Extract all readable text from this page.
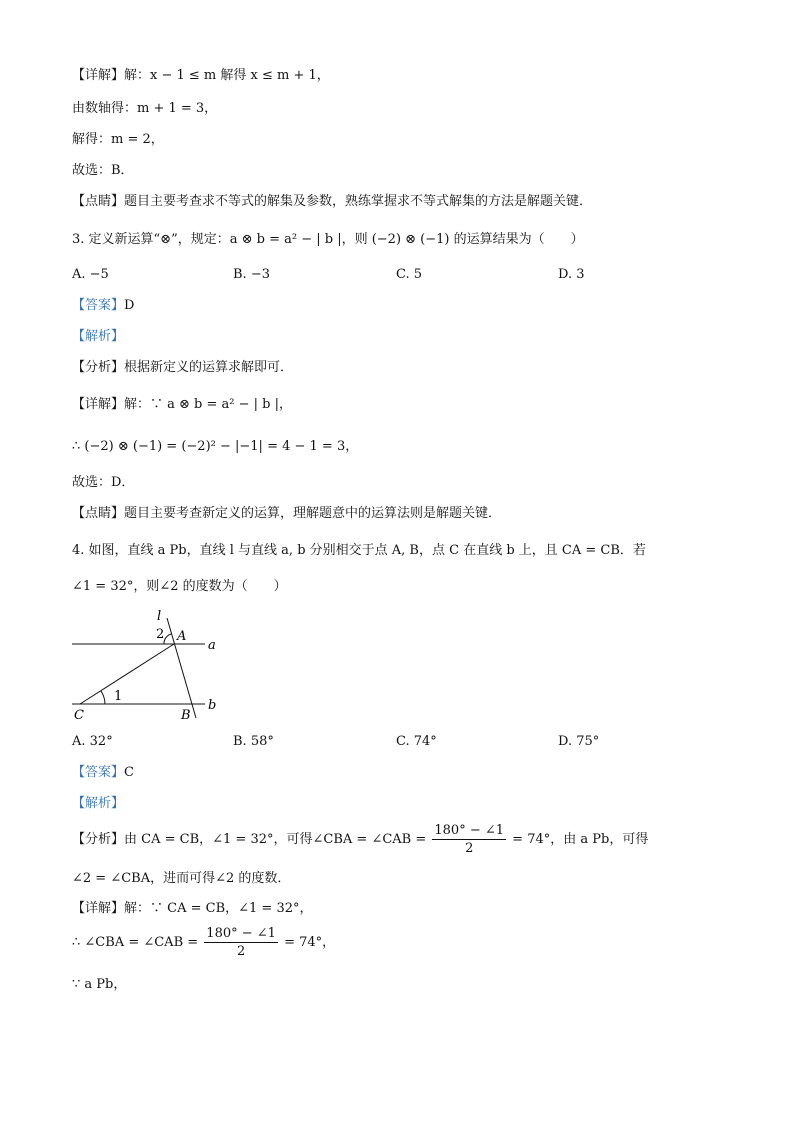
【详解】解：x − 1 ≤ m 解得 x ≤ m + 1，
由数轴得：m + 1 = 3，
解得：m = 2，
故选：B．
【点睛】题目主要考查求不等式的解集及参数，熟练掌握求不等式解集的方法是解题关键．
3. 定义新运算“⊗”，规定：a ⊗ b = a² − | b |，则 (−2) ⊗ (−1) 的运算结果为（　　）
A. −5	B. −3	C. 5	D. 3
【答案】D
【解析】
【分析】根据新定义的运算求解即可．
【详解】解：∵ a ⊗ b = a² − | b |，
∴ (−2) ⊗ (−1) = (−2)² − |−1| = 4 − 1 = 3，
故选：D．
【点睛】题目主要考查新定义的运算，理解题意中的运算法则是解题关键．
4. 如图，直线 a Pb，直线 l 与直线 a, b 分别相交于点 A, B，点 C 在直线 b 上，且 CA = CB．若
∠1 = 32°，则∠2 的度数为（　　）
l
2 A
a
1
C	B
b
A. 32°	B. 58°	C. 74°	D. 75°
【答案】C
【解析】
【分析】由 CA = CB，∠1 = 32°，可得∠CBA = ∠CAB = $\frac{180^\circ - \angle 1}{2} = 74^\circ$，由 a Pb，可得
∠2 = ∠CBA，进而可得∠2 的度数．
【详解】解：∵ CA = CB，∠1 = 32°，
∴ ∠CBA = ∠CAB = $\frac{180^\circ - \angle 1}{2} = 74^\circ$，
∵ a Pb，
